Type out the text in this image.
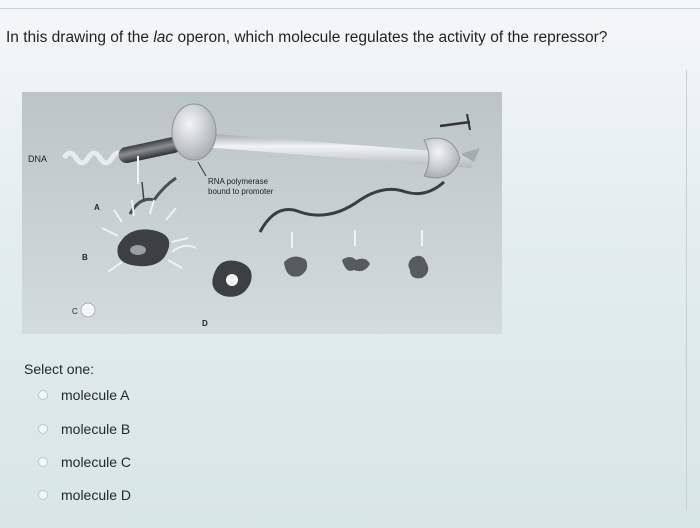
In this drawing of the lac operon, which molecule regulates the activity of the repressor?
DNA
A
B
C
D
RNA polymerase
bound to promoter
Select one:
molecule A
molecule B
molecule C
molecule D
